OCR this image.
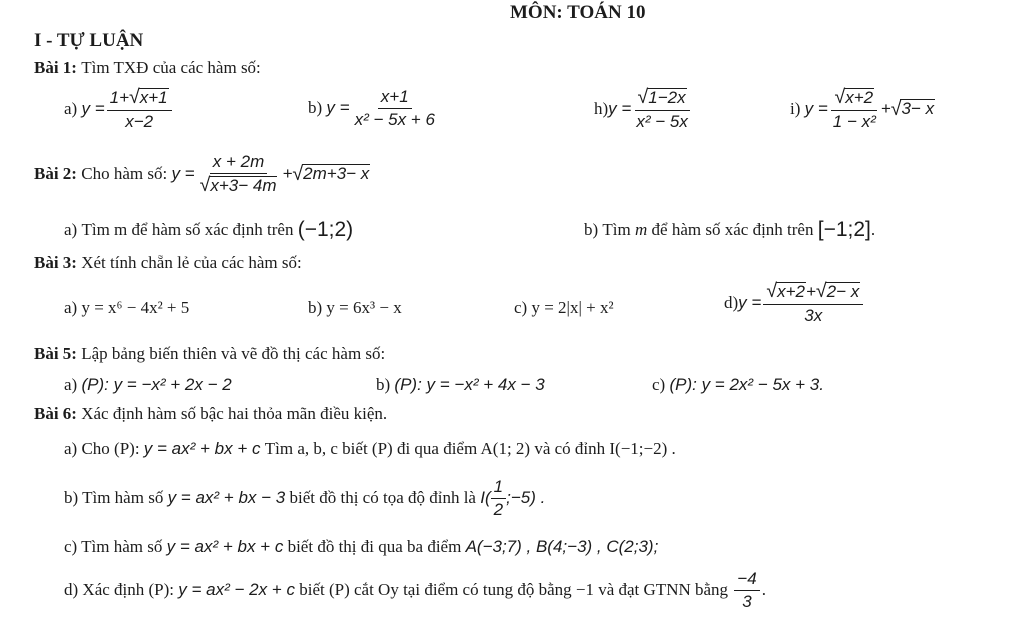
MÔN: TOÁN 10
I - TỰ LUẬN
Bài 1:
Tìm TXĐ của các hàm số:
a)
$y = \frac{1+ √ x+1}{x-2}$	b)
$y = \frac{x+1}{\text{x² − 5x + 6}}$	h) $y = \frac{√ 1-2x}{\text{x² − 5x}}$	i)
$y = \frac{√ x+2}{\text{1 − x²}}$ + √ 3− x
Bài 2:
Cho hàm số:
$y = \frac{x + 2m}{√ x+3- 4m}$ + √ 2m+3− x
a)
Tìm m để hàm số xác định trên
(−1;2)	b)
Tìm
m
để hàm số xác định trên
[−1;2] .
Bài 3:
Xét tính chẵn lẻ của các hàm số:
a)
y = x⁶ − 4x² + 5	b)
y = 6x³ − x	c)
y = 2|x| + x²	d) $y = \frac{√ x+2 + √ 2- x}{3x}$
Bài 5:
Lập bảng biến thiên và vẽ đồ thị các hàm số:
a)
(P): y = −x² + 2x − 2	b)
(P): y = −x² + 4x − 3	c)
(P): y = 2x² − 5x + 3.
Bài 6:
Xác định hàm số bậc hai thỏa mãn điều kiện.
a) Cho (P):
y = ax² + bx + c
Tìm a, b, c biết (P) đi qua điểm A(1; 2) và có đỉnh I(−1;−2) .
b) Tìm hàm số
y = ax² + bx − 3
biết đồ thị có tọa độ đỉnh là
$I( \frac{1}{2}$ ;−5) .
c) Tìm hàm số
y = ax² + bx + c
biết đồ thị đi qua ba điểm
A(−3;7) , B(4;−3) , C(2;3);
d) Xác định (P):
y = ax² − 2x + c
biết (P) cắt Oy tại điểm có tung độ bằng −1 và đạt GTNN bằng
$\frac{-4}{3}$ .
